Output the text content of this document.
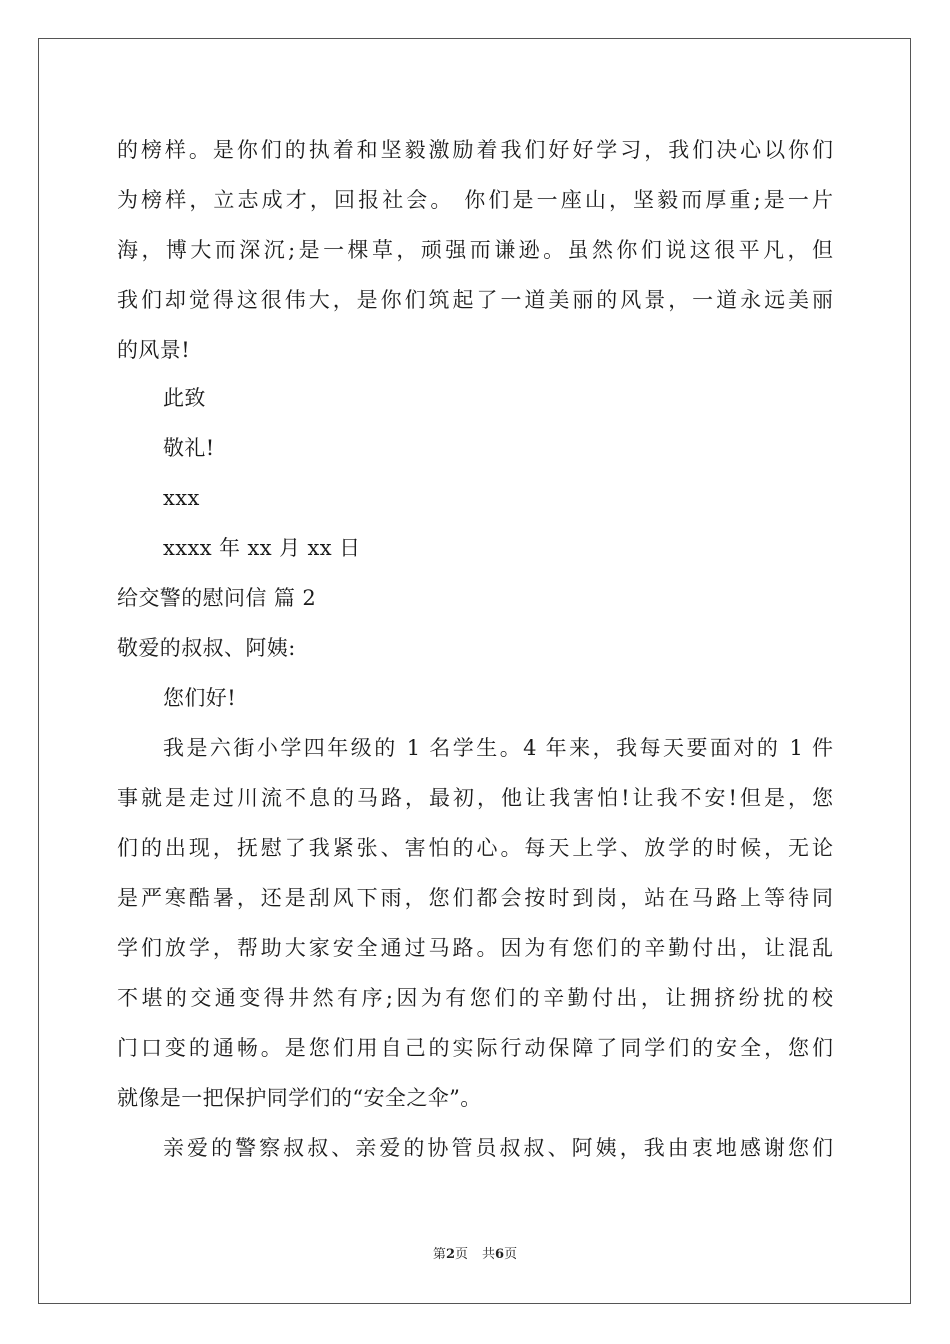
的榜样。是你们的执着和坚毅激励着我们好好学习，我们决心以你们
为榜样，立志成才，回报社会。 你们是一座山，坚毅而厚重;是一片
海，博大而深沉;是一棵草，顽强而谦逊。虽然你们说这很平凡，但
我们却觉得这很伟大，是你们筑起了一道美丽的风景，一道永远美丽
的风景!
此致
敬礼!
xxx
xxxx 年 xx 月 xx 日
给交警的慰问信 篇 2
敬爱的叔叔、阿姨:
您们好!
我是六街小学四年级的 1 名学生。4 年来，我每天要面对的 1 件
事就是走过川流不息的马路，最初，他让我害怕!让我不安!但是，您
们的出现，抚慰了我紧张、害怕的心。每天上学、放学的时候，无论
是严寒酷暑，还是刮风下雨，您们都会按时到岗，站在马路上等待同
学们放学，帮助大家安全通过马路。因为有您们的辛勤付出，让混乱
不堪的交通变得井然有序;因为有您们的辛勤付出，让拥挤纷扰的校
门口变的通畅。是您们用自己的实际行动保障了同学们的安全，您们
就像是一把保护同学们的“安全之伞”。
亲爱的警察叔叔、亲爱的协管员叔叔、阿姨，我由衷地感谢您们
第2页 共6页
